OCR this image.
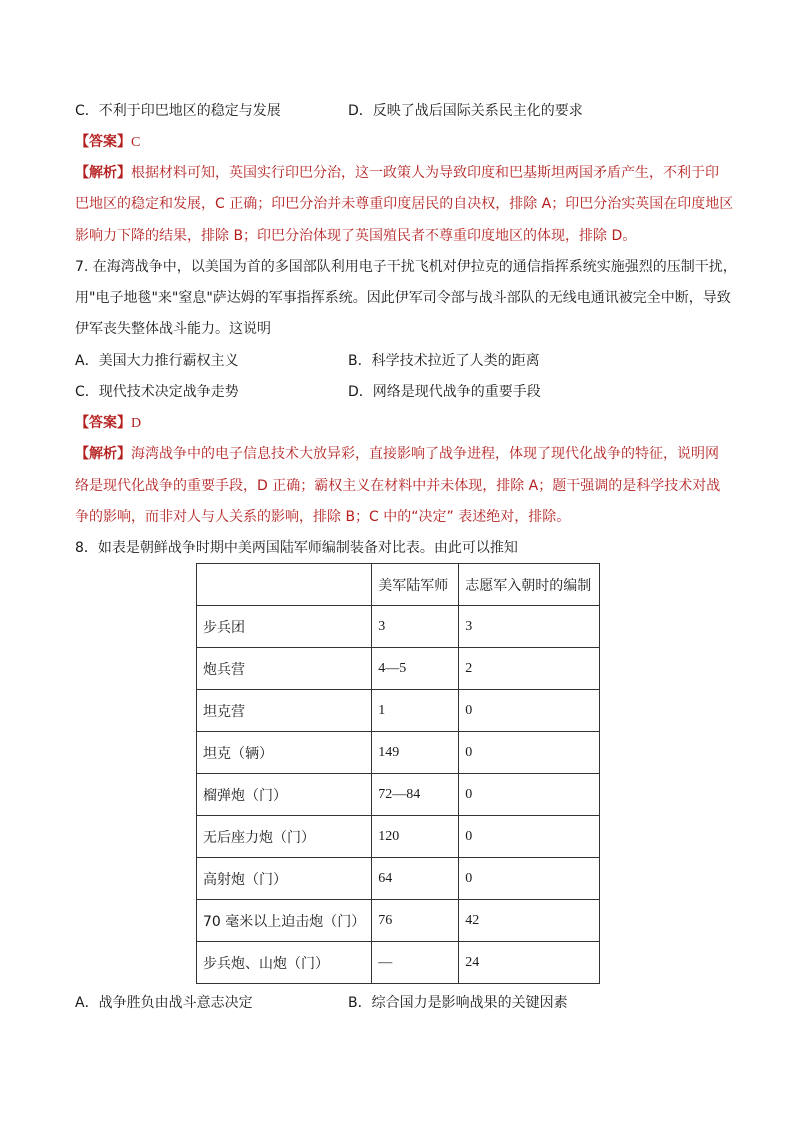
C．不利于印巴地区的稳定与发展	D．反映了战后国际关系民主化的要求
【答案】C
【解析】根据材料可知，英国实行印巴分治，这一政策人为导致印度和巴基斯坦两国矛盾产生，不利于印
巴地区的稳定和发展，C 正确；印巴分治并未尊重印度居民的自决权，排除 A；印巴分治实英国在印度地区
影响力下降的结果，排除 B；印巴分治体现了英国殖民者不尊重印度地区的体现，排除 D。
7. 在海湾战争中，以美国为首的多国部队利用电子干扰飞机对伊拉克的通信指挥系统实施强烈的压制干扰，
用"电子地毯"来"窒息"萨达姆的军事指挥系统。因此伊军司令部与战斗部队的无线电通讯被完全中断，导致
伊军丧失整体战斗能力。这说明
A．美国大力推行霸权主义	B．科学技术拉近了人类的距离
C．现代技术决定战争走势	D．网络是现代战争的重要手段
【答案】D
【解析】海湾战争中的电子信息技术大放异彩，直接影响了战争进程，体现了现代化战争的特征，说明网
络是现代化战争的重要手段，D 正确；霸权主义在材料中并未体现，排除 A；题干强调的是科学技术对战
争的影响，而非对人与人关系的影响，排除 B；C 中的“决定” 表述绝对，排除。
8．如表是朝鲜战争时期中美两国陆军师编制装备对比表。由此可以推知
	美军陆军师	志愿军入朝时的编制
步兵团	3	3
炮兵营	4—5	2
坦克营	1	0
坦克（辆）	149	0
榴弹炮（门）	72—84	0
无后座力炮（门）	120	0
高射炮（门）	64	0
70 毫米以上迫击炮（门）	76	42
步兵炮、山炮（门）	—	24
A．战争胜负由战斗意志决定	B．综合国力是影响战果的关键因素
